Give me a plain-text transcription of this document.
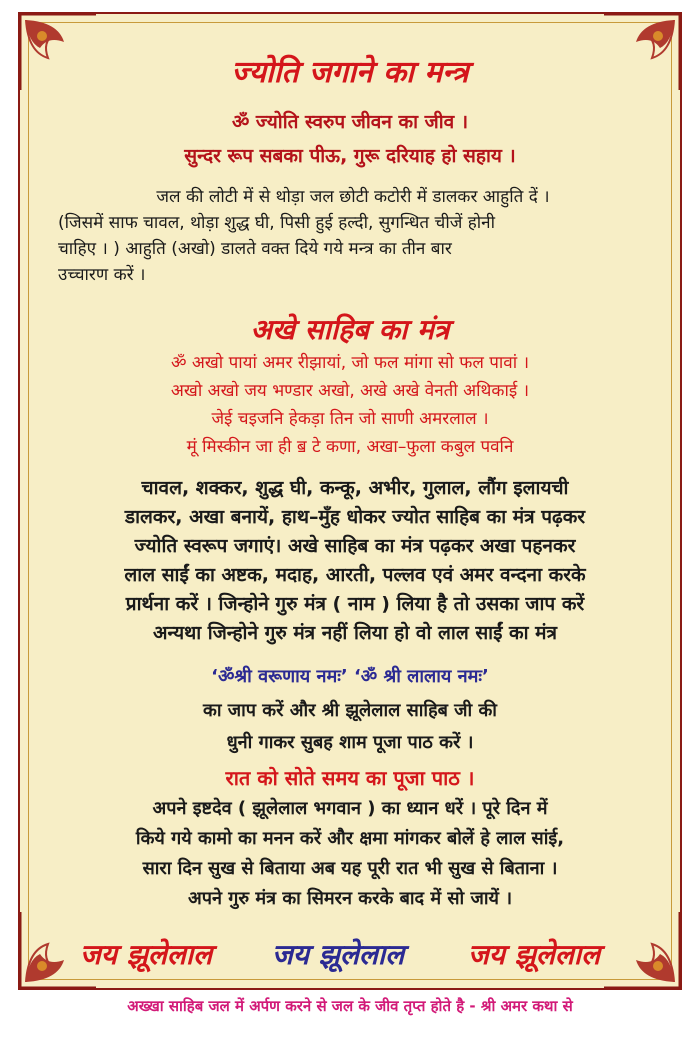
ज्योति जगाने का मन्त्र
ॐ ज्योति स्वरुप जीवन का जीव ।
सुन्दर रूप सबका पीऊ, गुरू दरियाह हो सहाय ।
जल की लोटी में से थोड़ा जल छोटी कटोरी में डालकर आहुति दें ।
(जिसमें साफ चावल, थोड़ा शुद्ध घी, पिसी हुई हल्दी, सुगन्धित चीजें होनी
चाहिए । ) आहुति (अखो) डालते वक्त दिये गये मन्त्र का तीन बार
उच्चारण करें ।
अखे साहिब का मंत्र
ॐ अखो पायां अमर रीझायां, जो फल मांगा सो फल पावां ।
अखो अखो जय भण्डार अखो, अखे अखे वेनती अथिकाई ।
जेई चइजनि हेकड़ा तिन जो साणी अमरलाल ।
मूं मिस्कीन जा ही ॿ टे कणा, अखा–फुला कबुल पवनि
चावल, शक्कर, शुद्ध घी, कन्कू, अभीर, गुलाल, लौंग इलायची
डालकर, अखा बनायें, हाथ–मुँह धोकर ज्योत साहिब का मंत्र पढ़कर
ज्योति स्वरूप जगाएं। अखे साहिब का मंत्र पढ़कर अखा पहनकर
लाल साईं का अष्टक, मदाह, आरती, पल्लव एवं अमर वन्दना करके
प्रार्थना करें । जिन्होने गुरु मंत्र ( नाम ) लिया है तो उसका जाप करें
अन्यथा जिन्होने गुरु मंत्र नहीं लिया हो वो लाल साईं का मंत्र
‘ॐश्री वरूणाय नमः’ ‘ॐ श्री लालाय नमः’
का जाप करें और श्री झूलेलाल साहिब जी की
धुनी गाकर सुबह शाम पूजा पाठ करें ।
रात को सोते समय का पूजा पाठ ।
अपने इष्टदेव ( झूलेलाल भगवान ) का ध्यान धरें । पूरे दिन में
किये गये कामो का मनन करें और क्षमा मांगकर बोलें हे लाल सांई,
सारा दिन सुख से बिताया अब यह पूरी रात भी सुख से बिताना ।
अपने गुरु मंत्र का सिमरन करके बाद में सो जायें ।
जय झूलेलाल जय झूलेलाल जय झूलेलाल
अख्खा साहिब जल में अर्पण करने से जल के जीव तृप्त होते है - श्री अमर कथा से
